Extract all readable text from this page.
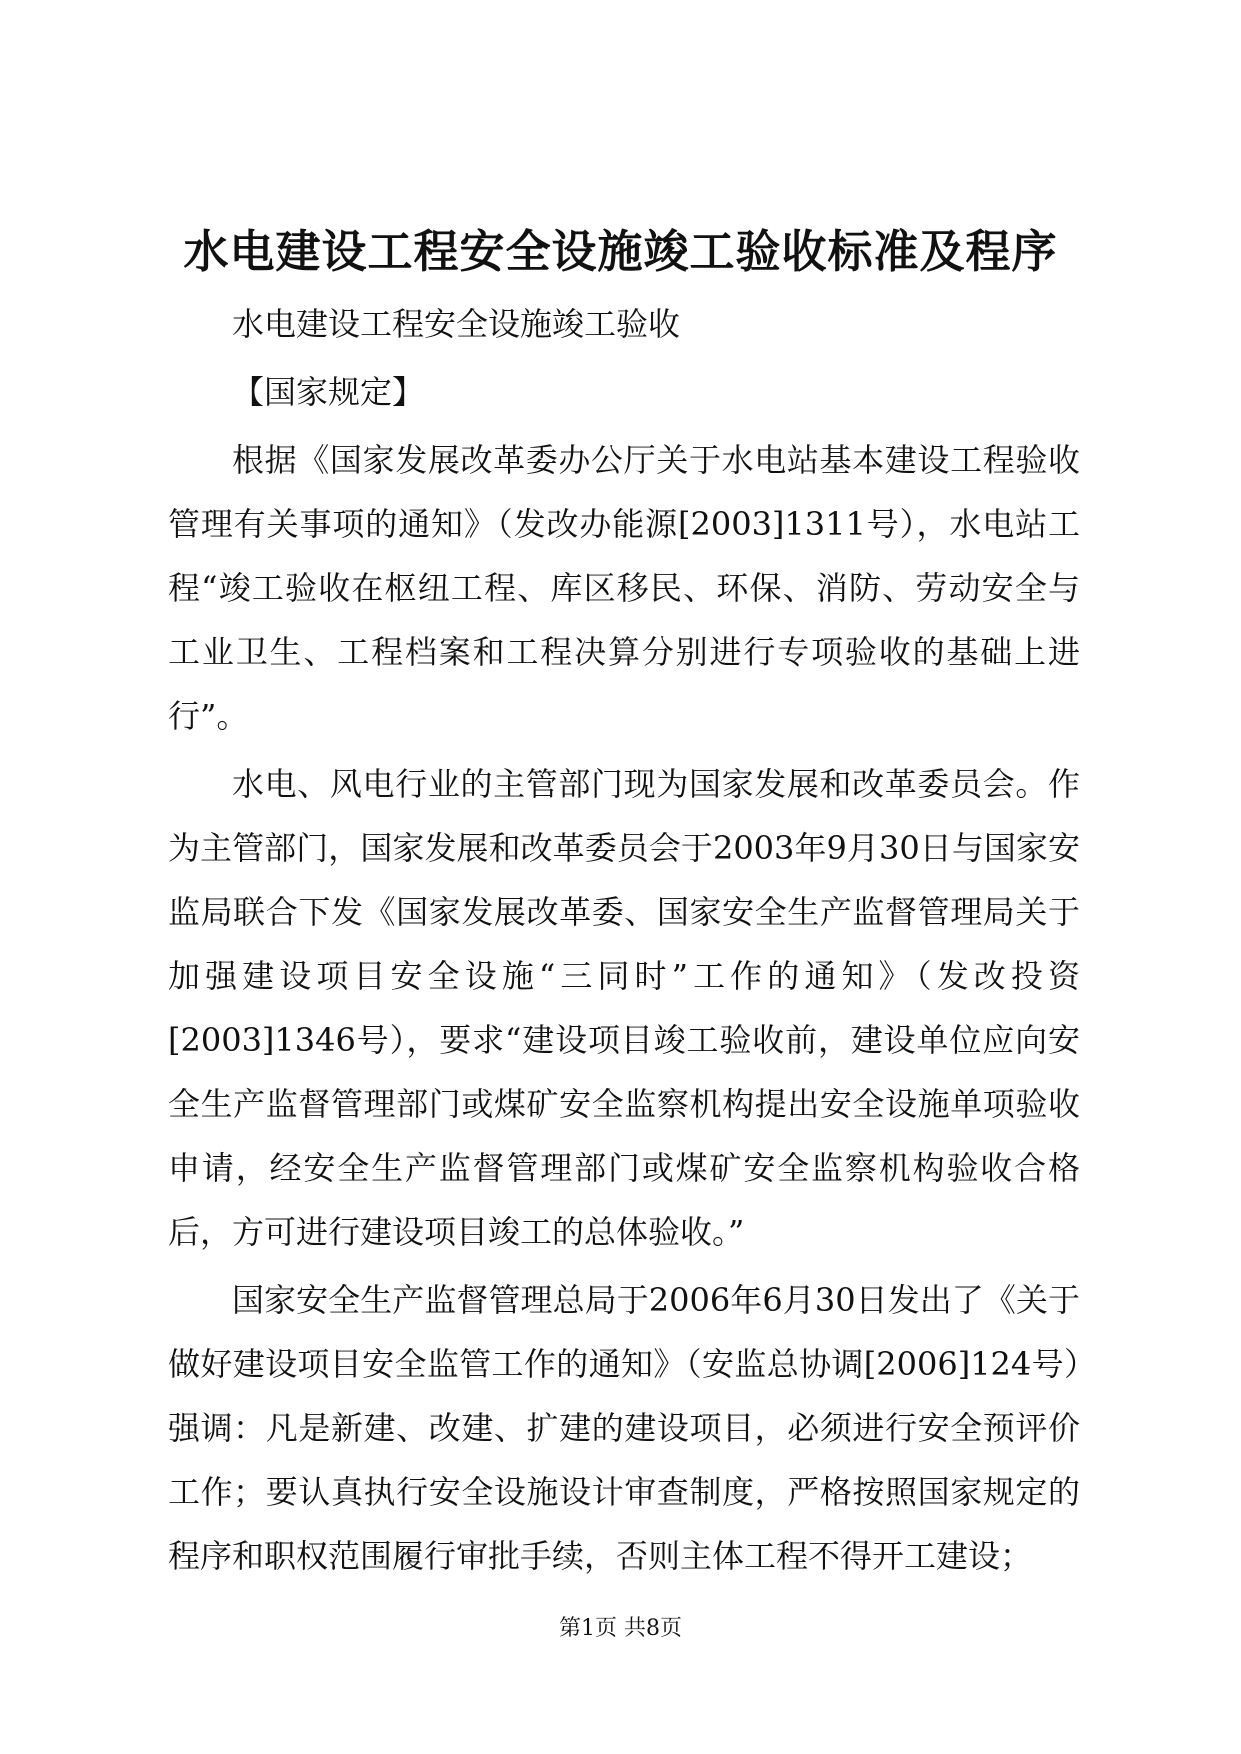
水电建设工程安全设施竣工验收标准及程序

水电建设工程安全设施竣工验收

【国家规定】

根据《国家发展改革委办公厅关于水电站基本建设工程验收管理有关事项的通知》（发改办能源[2003]1311号），水电站工程“竣工验收在枢纽工程、库区移民、环保、消防、劳动安全与工业卫生、工程档案和工程决算分别进行专项验收的基础上进行”。

水电、风电行业的主管部门现为国家发展和改革委员会。作为主管部门，国家发展和改革委员会于2003年9月30日与国家安监局联合下发《国家发展改革委、国家安全生产监督管理局关于加强建设项目安全设施“三同时”工作的通知》（发改投资[2003]1346号），要求“建设项目竣工验收前，建设单位应向安全生产监督管理部门或煤矿安全监察机构提出安全设施单项验收申请，经安全生产监督管理部门或煤矿安全监察机构验收合格后，方可进行建设项目竣工的总体验收。”

国家安全生产监督管理总局于2006年6月30日发出了《关于做好建设项目安全监管工作的通知》（安监总协调[2006]124号）强调：凡是新建、改建、扩建的建设项目，必须进行安全预评价工作；要认真执行安全设施设计审查制度，严格按照国家规定的程序和职权范围履行审批手续，否则主体工程不得开工建设；

第1页 共8页
